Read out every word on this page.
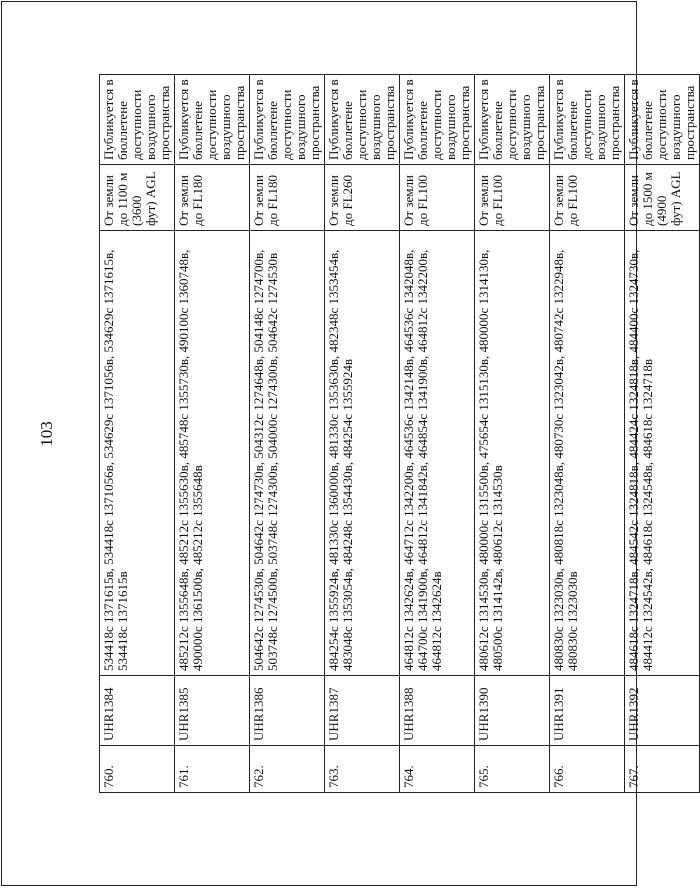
103
760.	UHR1384	534418с 1371615в, 534418с 1371056в, 534629с 1371056в, 534629с 1371615в, 534418с 1371615в	От земли до 1100 м (3600 фут) AGL	Публикуется в бюллетене доступности воздушного пространства
761.	UHR1385	485212с 1355648в, 485212с 1355630в, 485748с 1355730в, 490100с 1360748в, 490000с 1361500в, 485212с 1355648в	От земли до FL180	Публикуется в бюллетене доступности воздушного пространства
762.	UHR1386	504642с 1274530в, 504642с 1274730в, 504312с 1274648в, 504148с 1274700в, 503748с 1274500в, 503748с 1274300в, 504000с 1274300в, 504642с 1274530в	От земли до FL180	Публикуется в бюллетене доступности воздушного пространства
763.	UHR1387	484254с 1355924в, 481330с 1360000в, 481330с 1353630в, 482348с 1353454в, 483048с 1353054в, 484248с 1354430в, 484254с 1355924в	От земли до FL260	Публикуется в бюллетене доступности воздушного пространства
764.	UHR1388	464812с 1342624в, 464712с 1342200в, 464536с 1342148в, 464536с 1342048в, 464700с 1341900в, 464812с 1341842в, 464854с 1341900в, 464812с 1342200в, 464812с 1342624в	От земли до FL100	Публикуется в бюллетене доступности воздушного пространства
765.	UHR1390	480612с 1314530в, 480000с 1315500в, 475654с 1315130в, 480000с 1314130в, 480500с 1314142в, 480612с 1314530в	От земли до FL100	Публикуется в бюллетене доступности воздушного пространства
766.	UHR1391	480830с 1323030в, 480818с 1323048в, 480730с 1323042в, 480742с 1322948в, 480830с 1323030в	От земли до FL100	Публикуется в бюллетене доступности воздушного пространства
767.	UHR1392	484618с 1324718в, 484542с 1324818в, 484424с 1324818в, 484400с 1324730в, 484412с 1324542в, 484618с 1324548в, 484618с 1324718в	От земли до 1500 м (4900 фут) AGL	Публикуется в бюллетене доступности воздушного пространства
